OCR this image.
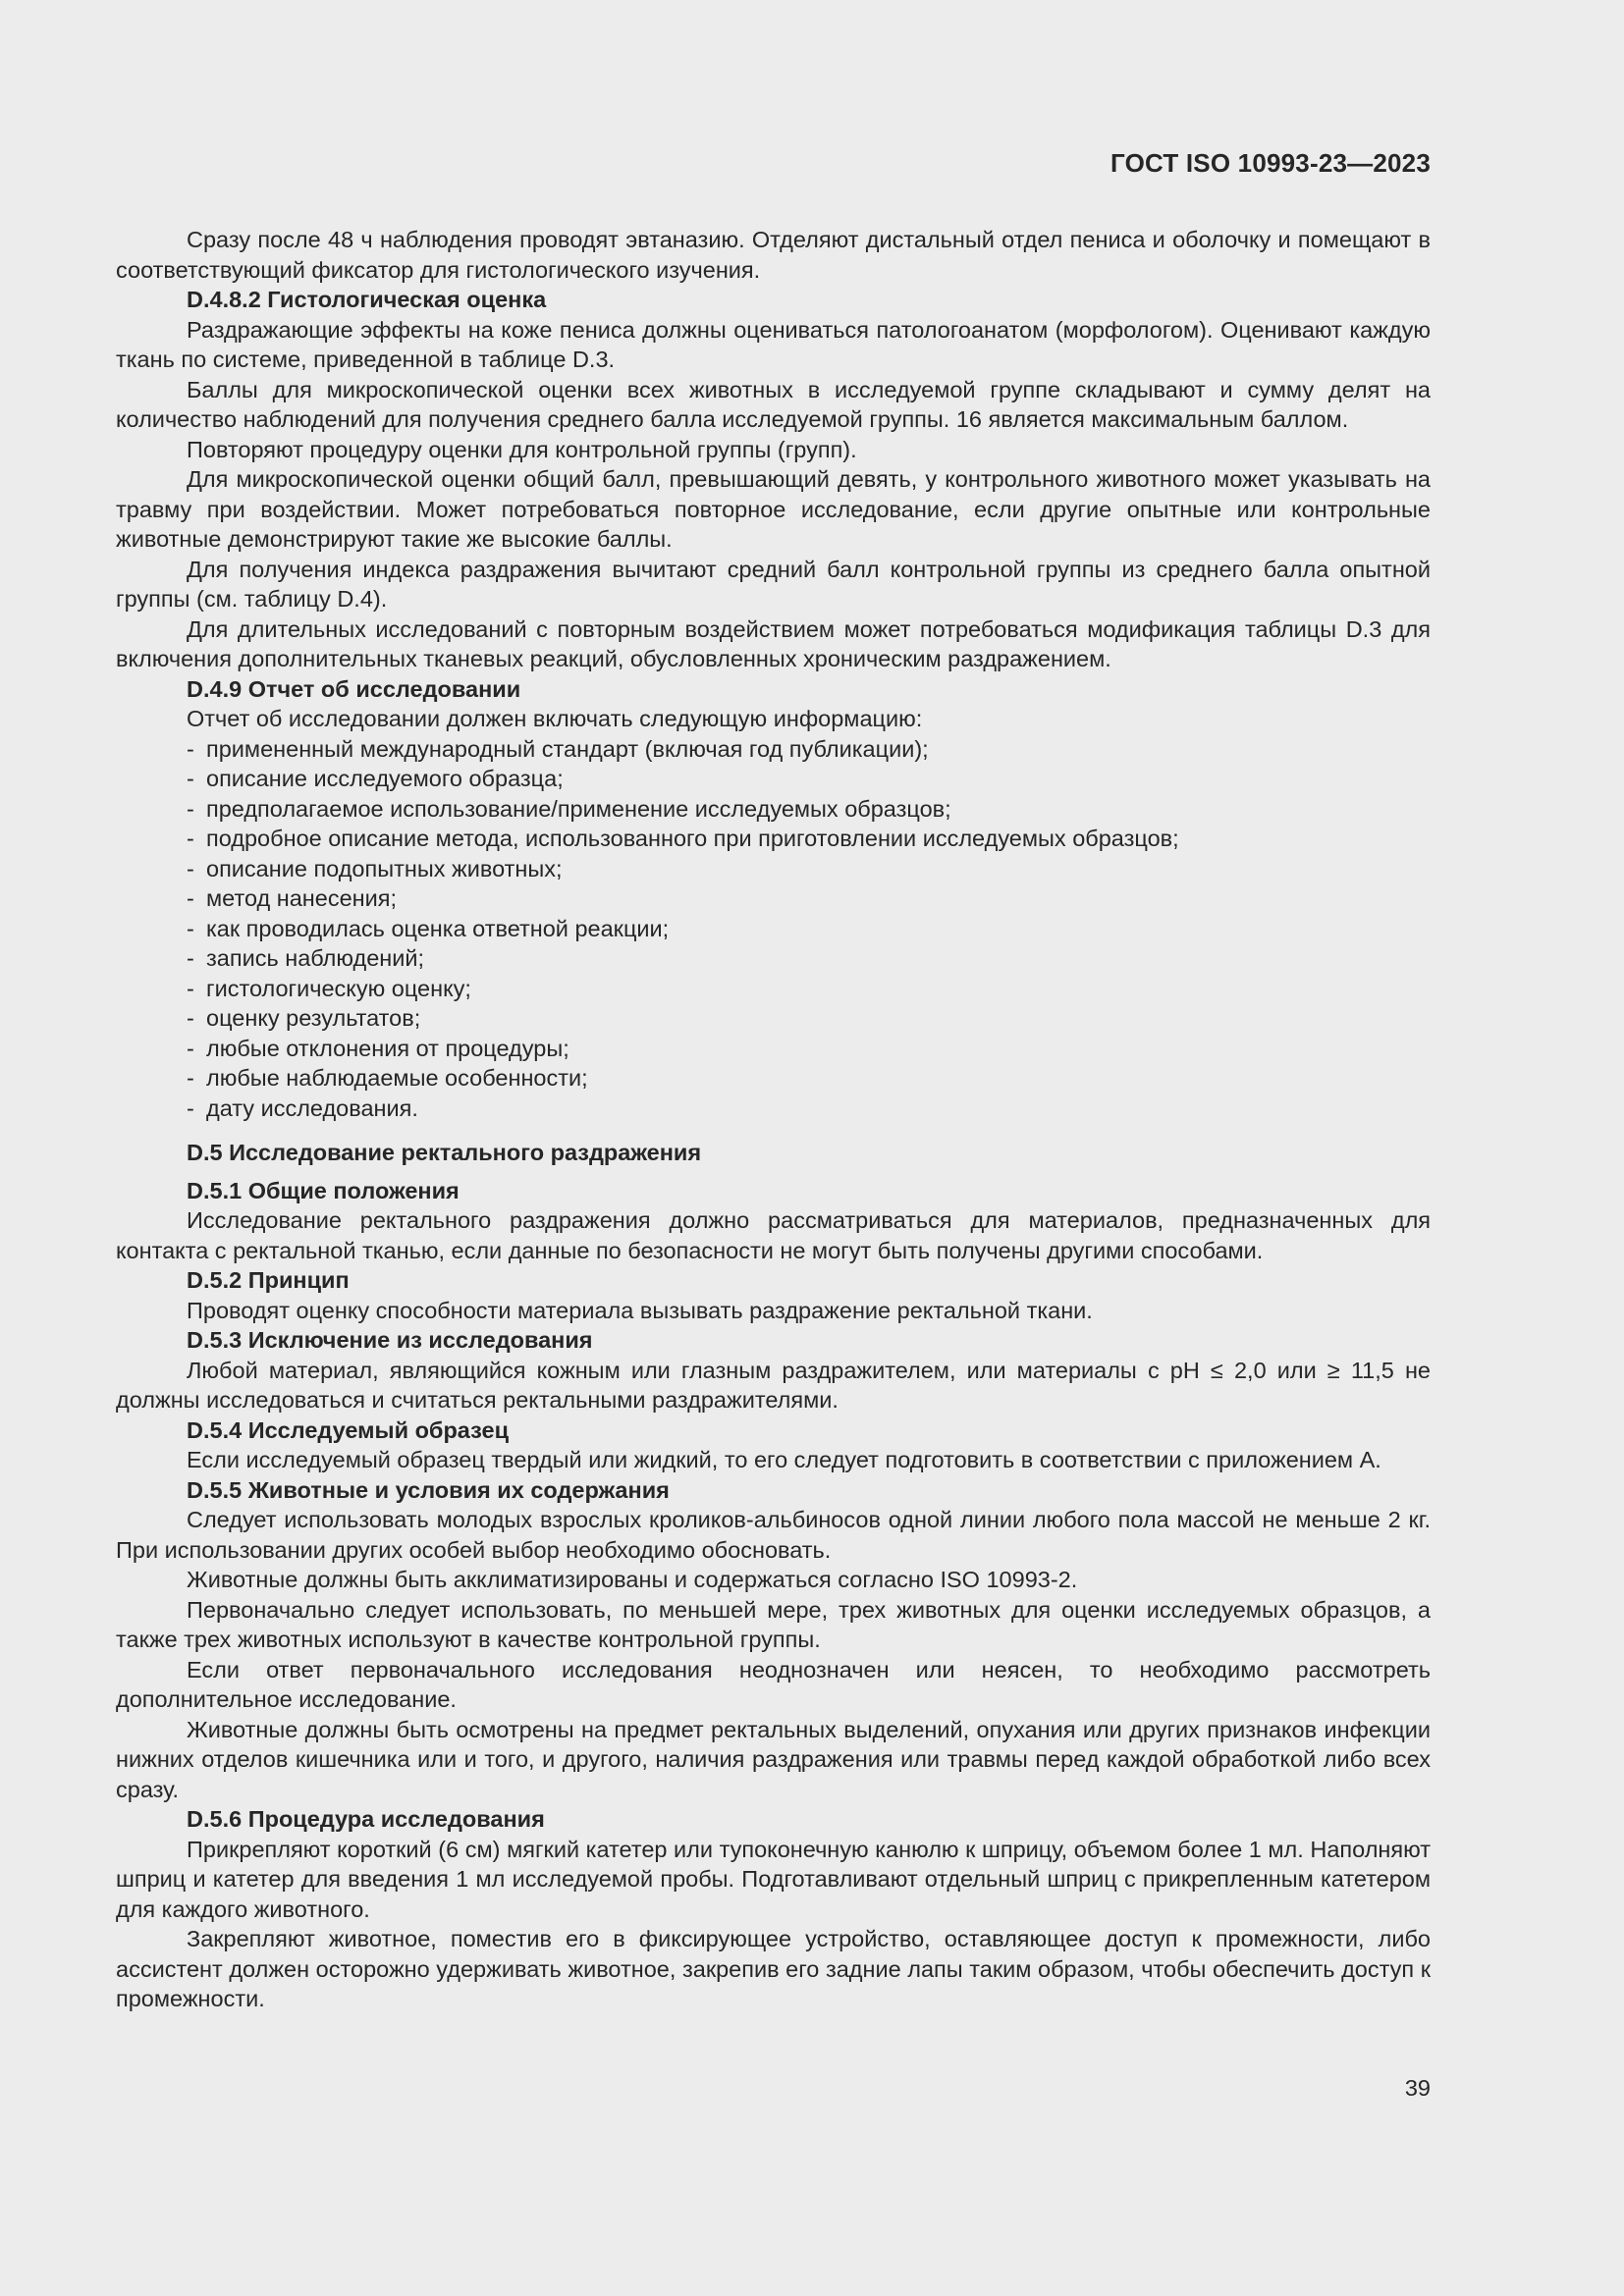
ГОСТ ISO 10993-23—2023

Сразу после 48 ч наблюдения проводят эвтаназию. Отделяют дистальный отдел пениса и оболочку и помещают в соответствующий фиксатор для гистологического изучения.

D.4.8.2 Гистологическая оценка

Раздражающие эффекты на коже пениса должны оцениваться патологоанатом (морфологом). Оценивают каждую ткань по системе, приведенной в таблице D.3.

Баллы для микроскопической оценки всех животных в исследуемой группе складывают и сумму делят на количество наблюдений для получения среднего балла исследуемой группы. 16 является максимальным баллом.

Повторяют процедуру оценки для контрольной группы (групп).

Для микроскопической оценки общий балл, превышающий девять, у контрольного животного может указывать на травму при воздействии. Может потребоваться повторное исследование, если другие опытные или контрольные животные демонстрируют такие же высокие баллы.

Для получения индекса раздражения вычитают средний балл контрольной группы из среднего балла опытной группы (см. таблицу D.4).

Для длительных исследований с повторным воздействием может потребоваться модификация таблицы D.3 для включения дополнительных тканевых реакций, обусловленных хроническим раздражением.

D.4.9 Отчет об исследовании

Отчет об исследовании должен включать следующую информацию:

- примененный международный стандарт (включая год публикации);
- описание исследуемого образца;
- предполагаемое использование/применение исследуемых образцов;
- подробное описание метода, использованного при приготовлении исследуемых образцов;
- описание подопытных животных;
- метод нанесения;
- как проводилась оценка ответной реакции;
- запись наблюдений;
- гистологическую оценку;
- оценку результатов;
- любые отклонения от процедуры;
- любые наблюдаемые особенности;
- дату исследования.

D.5 Исследование ректального раздражения

D.5.1 Общие положения

Исследование ректального раздражения должно рассматриваться для материалов, предназначенных для контакта с ректальной тканью, если данные по безопасности не могут быть получены другими способами.

D.5.2 Принцип

Проводят оценку способности материала вызывать раздражение ректальной ткани.

D.5.3 Исключение из исследования

Любой материал, являющийся кожным или глазным раздражителем, или материалы с pH ≤ 2,0 или ≥ 11,5 не должны исследоваться и считаться ректальными раздражителями.

D.5.4 Исследуемый образец

Если исследуемый образец твердый или жидкий, то его следует подготовить в соответствии с приложением А.

D.5.5 Животные и условия их содержания

Следует использовать молодых взрослых кроликов-альбиносов одной линии любого пола массой не меньше 2 кг. При использовании других особей выбор необходимо обосновать.

Животные должны быть акклиматизированы и содержаться согласно ISO 10993-2.

Первоначально следует использовать, по меньшей мере, трех животных для оценки исследуемых образцов, а также трех животных используют в качестве контрольной группы.

Если ответ первоначального исследования неоднозначен или неясен, то необходимо рассмотреть дополнительное исследование.

Животные должны быть осмотрены на предмет ректальных выделений, опухания или других признаков инфекции нижних отделов кишечника или и того, и другого, наличия раздражения или травмы перед каждой обработкой либо всех сразу.

D.5.6 Процедура исследования

Прикрепляют короткий (6 см) мягкий катетер или тупоконечную канюлю к шприцу, объемом более 1 мл. Наполняют шприц и катетер для введения 1 мл исследуемой пробы. Подготавливают отдельный шприц с прикрепленным катетером для каждого животного.

Закрепляют животное, поместив его в фиксирующее устройство, оставляющее доступ к промежности, либо ассистент должен осторожно удерживать животное, закрепив его задние лапы таким образом, чтобы обеспечить доступ к промежности.

39
